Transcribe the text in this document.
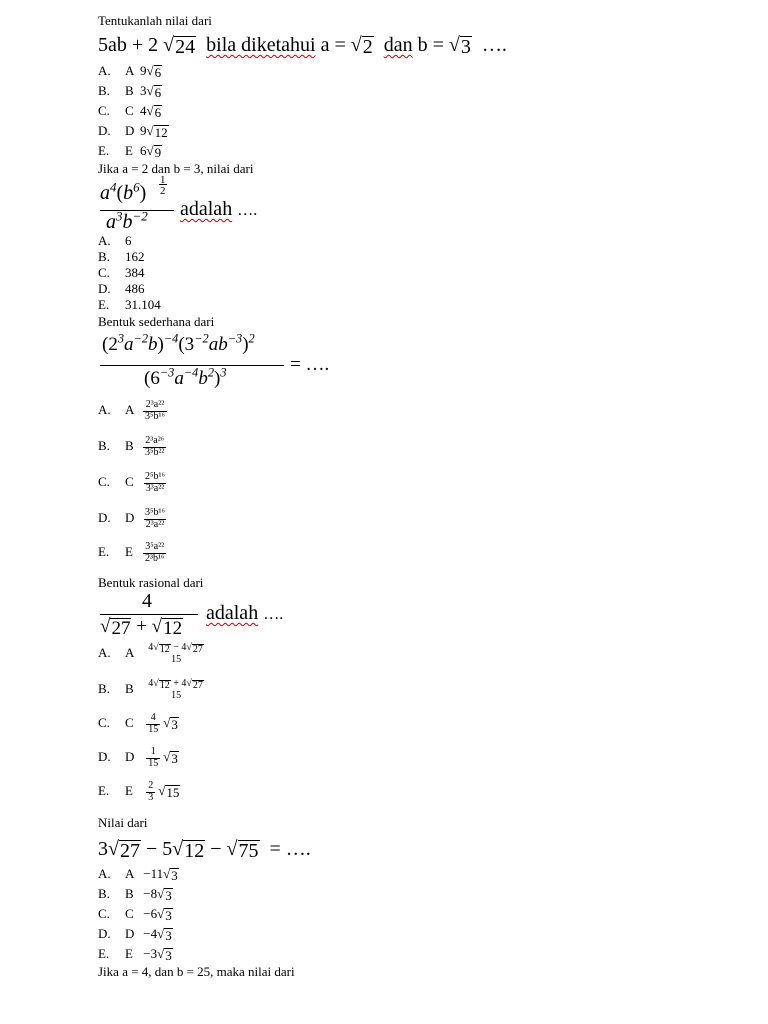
Tentukanlah nilai dari
5ab + 2 √ 24 bila diketahui a = √ 2 dan b = √ 3 ….
A. A 9 √ 6
B. B 3 √ 6
C. C 4 √ 6
D. D 9 √ 12
E. E 6 √ 9
Jika a = 2 dan b = 3, nilai dari
$a^4(b^6)$
1
2
$a^3b^{-2}$ adalah ….
A. 6
B. 162
C. 384
D. 486
E. 31.104
Bentuk sederhana dari
$(2^3a^{-2}b)^{-4}(3^{-2}ab^{-3})^2$
$(6^{-3}a^{-4}b^2)^3$	= ….
A. A $\frac{\text{2³a²²}}{\text{3⁵b¹⁶}}$
B. B $\frac{\text{2³a²⁶}}{\text{3⁵b²²}}$
C. C $\frac{\text{2⁵b¹⁶}}{\text{3³a²²}}$
D. D $\frac{\text{3⁵b¹⁶}}{\text{2³a²²}}$
E. E $\frac{\text{3⁵a²²}}{\text{2³b¹⁶}}$
Bentuk rasional dari
4
√ 27 + √ 12
adalah ….
A. A 4 √ 12 − 4 √ 27
15
B. B 4 √ 12 + 4 √ 27
15
C. C $\frac{4}{15}$ √ 3
D. D $\frac{1}{15}$ √ 3
E. E $\frac{2}{3}$ √ 15
Nilai dari
3 √ 27 − 5 √ 12 − √ 75 = ….
A. A −11 √ 3
B. B −8 √ 3
C. C −6 √ 3
D. D −4 √ 3
E. E −3 √ 3
Jika a = 4, dan b = 25, maka nilai dari
